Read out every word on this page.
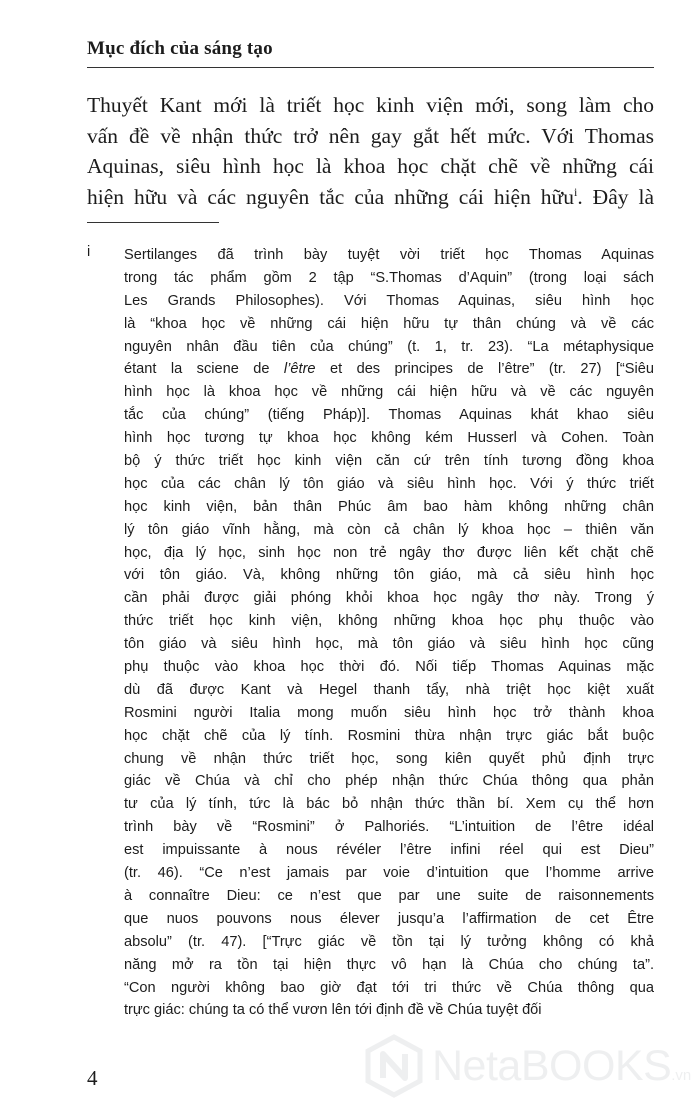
Mục đích của sáng tạo
Thuyết Kant mới là triết học kinh viện mới, song làm cho
vấn đề về nhận thức trở nên gay gắt hết mức. Với Thomas
Aquinas, siêu hình học là khoa học chặt chẽ về những cái
hiện hữu và các nguyên tắc của những cái hiện hữu$^i$. Đây là
i Sertilanges đã trình bày tuyệt vời triết học Thomas Aquinas
trong tác phẩm gồm 2 tập “S.Thomas d’Aquin” (trong loại sách
Les Grands Philosophes). Với Thomas Aquinas, siêu hình học
là “khoa học về những cái hiện hữu tự thân chúng và về các
nguyên nhân đầu tiên của chúng” (t. 1, tr. 23). “La métaphysique
étant la sciene de l’être et des principes de l’être” (tr. 27) [“Siêu
hình học là khoa học về những cái hiện hữu và về các nguyên
tắc của chúng” (tiếng Pháp)]. Thomas Aquinas khát khao siêu
hình học tương tự khoa học không kém Husserl và Cohen. Toàn
bộ ý thức triết học kinh viện căn cứ trên tính tương đồng khoa
học của các chân lý tôn giáo và siêu hình học. Với ý thức triết
học kinh viện, bản thân Phúc âm bao hàm không những chân
lý tôn giáo vĩnh hằng, mà còn cả chân lý khoa học – thiên văn
học, địa lý học, sinh học non trẻ ngây thơ được liên kết chặt chẽ
với tôn giáo. Và, không những tôn giáo, mà cả siêu hình học
cần phải được giải phóng khỏi khoa học ngây thơ này. Trong ý
thức triết học kinh viện, không những khoa học phụ thuộc vào
tôn giáo và siêu hình học, mà tôn giáo và siêu hình học cũng
phụ thuộc vào khoa học thời đó. Nối tiếp Thomas Aquinas mặc
dù đã được Kant và Hegel thanh tẩy, nhà triệt học kiệt xuất
Rosmini người Italia mong muốn siêu hình học trở thành khoa
học chặt chẽ của lý tính. Rosmini thừa nhận trực giác bắt buộc
chung về nhận thức triết học, song kiên quyết phủ định trực
giác về Chúa và chỉ cho phép nhận thức Chúa thông qua phản
tư của lý tính, tức là bác bỏ nhận thức thần bí. Xem cụ thể hơn
trình bày về “Rosmini” ở Palhoriés. “L’intuition de l’être idéal
est impuissante à nous révéler l’être infini réel qui est Dieu”
(tr. 46). “Ce n’est jamais par voie d’intuition que l’homme arrive
à connaître Dieu: ce n’est que par une suite de raisonnements
que nuos pouvons nous élever jusqu’a l’affirmation de cet Être
absolu” (tr. 47). [“Trực giác về tồn tại lý tưởng không có khả
năng mở ra tồn tại hiện thực vô hạn là Chúa cho chúng ta”.
“Con người không bao giờ đạt tới tri thức về Chúa thông qua
trực giác: chúng ta có thể vươn lên tới định đề về Chúa tuyệt đối
4	NetaBOOKS.vn
